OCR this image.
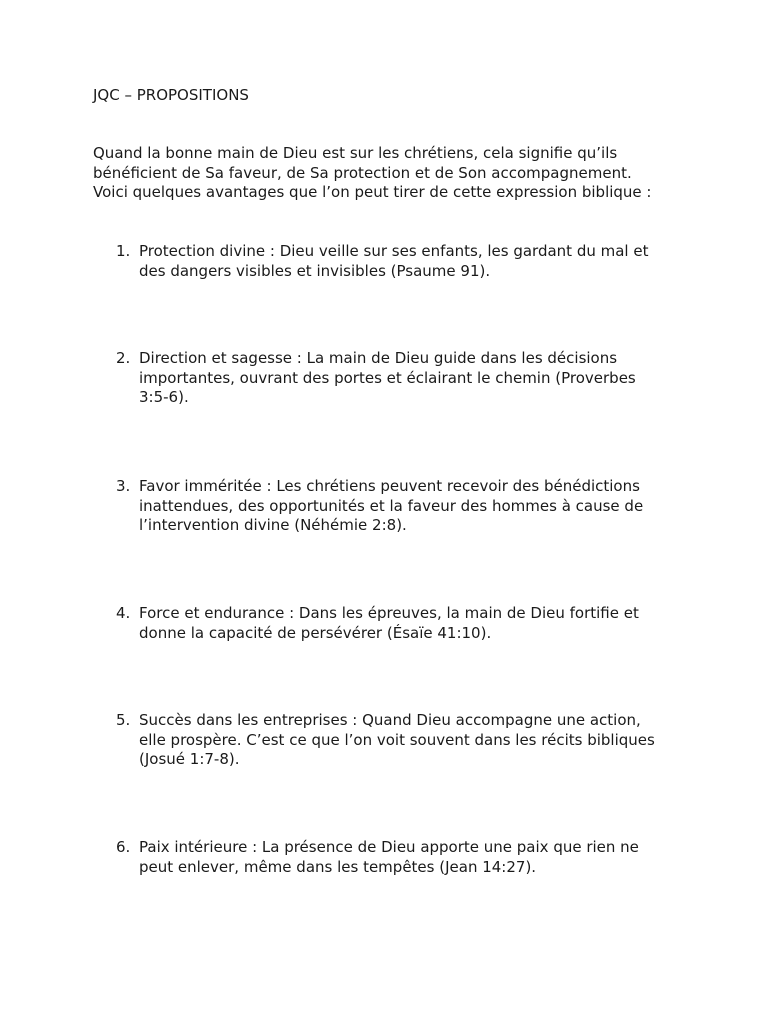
JQC – PROPOSITIONS

Quand la bonne main de Dieu est sur les chrétiens, cela signifie qu’ils
bénéficient de Sa faveur, de Sa protection et de Son accompagnement.
Voici quelques avantages que l’on peut tirer de cette expression biblique :

1. Protection divine : Dieu veille sur ses enfants, les gardant du mal et
des dangers visibles et invisibles (Psaume 91).
2. Direction et sagesse : La main de Dieu guide dans les décisions
importantes, ouvrant des portes et éclairant le chemin (Proverbes
3:5-6).
3. Favor imméritée : Les chrétiens peuvent recevoir des bénédictions
inattendues, des opportunités et la faveur des hommes à cause de
l’intervention divine (Néhémie 2:8).
4. Force et endurance : Dans les épreuves, la main de Dieu fortifie et
donne la capacité de persévérer (Ésaïe 41:10).
5. Succès dans les entreprises : Quand Dieu accompagne une action,
elle prospère. C’est ce que l’on voit souvent dans les récits bibliques
(Josué 1:7-8).
6. Paix intérieure : La présence de Dieu apporte une paix que rien ne
peut enlever, même dans les tempêtes (Jean 14:27).
